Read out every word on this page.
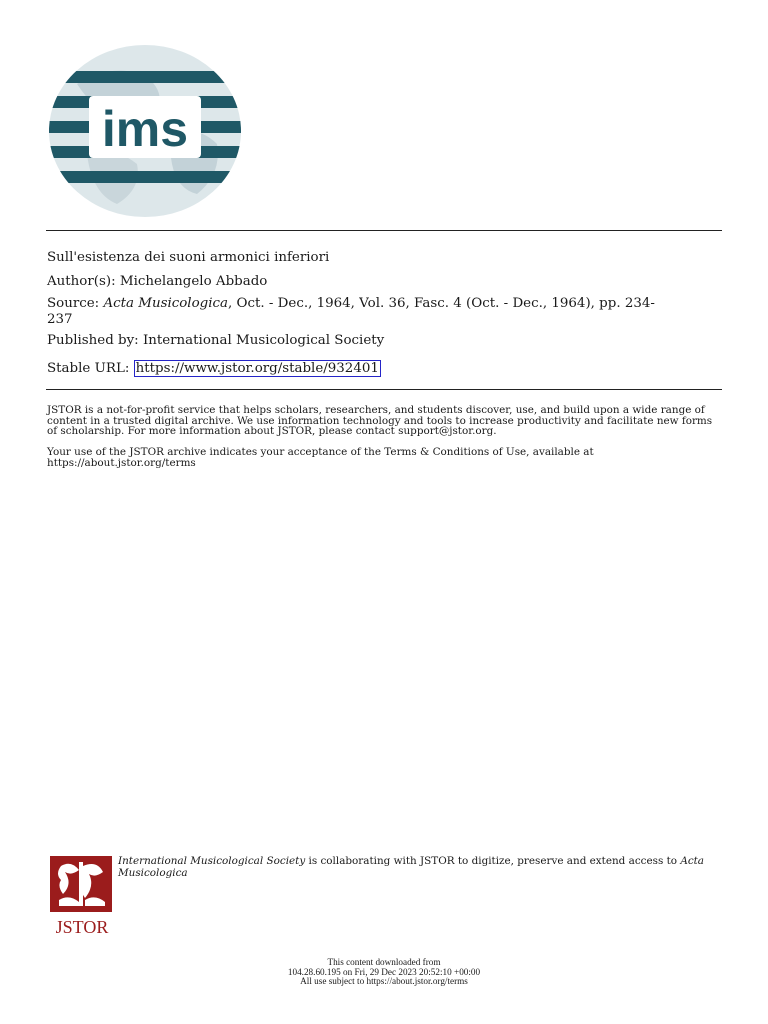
ims
Sull'esistenza dei suoni armonici inferiori
Author(s): Michelangelo Abbado
Source: Acta Musicologica, Oct. - Dec., 1964, Vol. 36, Fasc. 4 (Oct. - Dec., 1964), pp. 234-
237
Published by: International Musicological Society
Stable URL: https://www.jstor.org/stable/932401
JSTOR is a not-for-profit service that helps scholars, researchers, and students discover, use, and build upon a wide range of content in a trusted digital archive. We use information technology and tools to increase productivity and facilitate new forms of scholarship. For more information about JSTOR, please contact support@jstor.org.
Your use of the JSTOR archive indicates your acceptance of the Terms & Conditions of Use, available at https://about.jstor.org/terms
JSTOR
International Musicological Society is collaborating with JSTOR to digitize, preserve and extend access to Acta Musicologica
This content downloaded from
104.28.60.195 on Fri, 29 Dec 2023 20:52:10 +00:00
All use subject to https://about.jstor.org/terms
